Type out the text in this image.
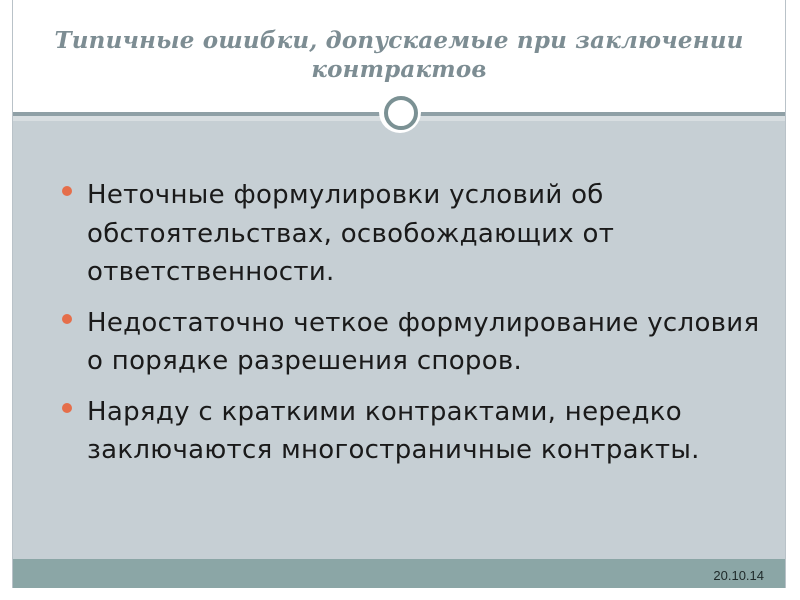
Типичные ошибки, допускаемые при заключении
контрактов
Неточные формулировки условий об обстоятельствах, освобождающих от ответственности.
Недостаточно четкое формулирование условия о порядке разрешения споров.
Наряду с краткими контрактами, нередко заключаются многостраничные контракты.
20.10.14
